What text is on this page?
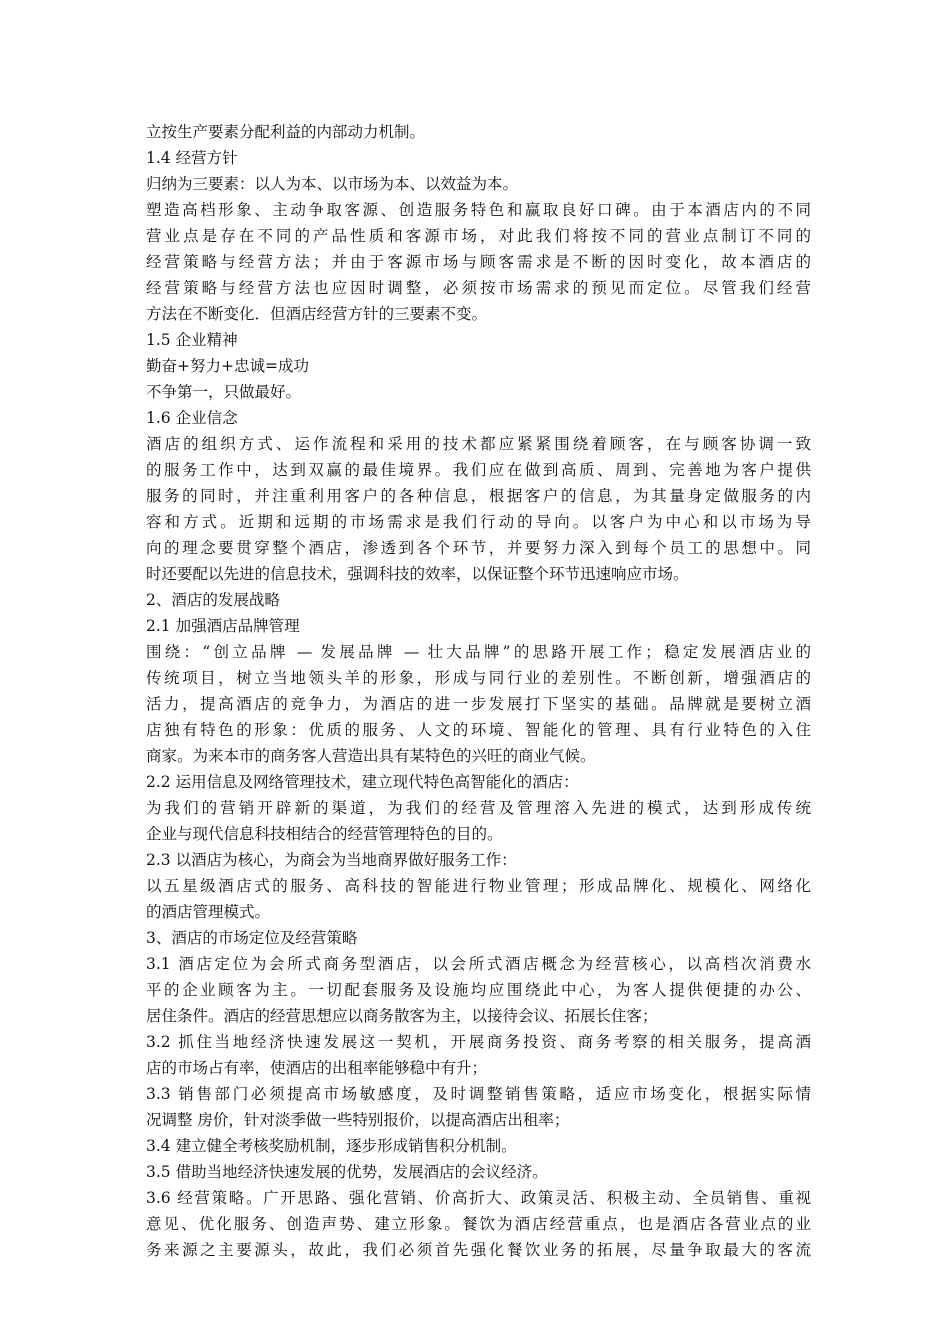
立按生产要素分配利益的内部动力机制。
1.4 经营方针
归纳为三要素：以人为本、以市场为本、以效益为本。
塑造高档形象、主动争取客源、创造服务特色和赢取良好口碑。由于本酒店内的不同
营业点是存在不同的产品性质和客源市场，对此我们将按不同的营业点制订不同的
经营策略与经营方法；并由于客源市场与顾客需求是不断的因时变化，故本酒店的
经营策略与经营方法也应因时调整，必须按市场需求的预见而定位。尽管我们经营
方法在不断变化．但酒店经营方针的三要素不变。
1.5 企业精神
勤奋+努力+忠诚=成功
不争第一，只做最好。
1.6 企业信念
酒店的组织方式、运作流程和采用的技术都应紧紧围绕着顾客，在与顾客协调一致
的服务工作中，达到双赢的最佳境界。我们应在做到高质、周到、完善地为客户提供
服务的同时，并注重利用客户的各种信息，根据客户的信息，为其量身定做服务的内
容和方式。近期和远期的市场需求是我们行动的导向。以客户为中心和以市场为导
向的理念要贯穿整个酒店，渗透到各个环节，并要努力深入到每个员工的思想中。同
时还要配以先进的信息技术，强调科技的效率，以保证整个环节迅速响应市场。
2、酒店的发展战略
2.1 加强酒店品牌管理
围绕：“创立品牌 — 发展品牌 — 壮大品牌”的思路开展工作；稳定发展酒店业的
传统项目，树立当地领头羊的形象，形成与同行业的差别性。不断创新，增强酒店的
活力，提高酒店的竞争力，为酒店的进一步发展打下坚实的基础。品牌就是要树立酒
店独有特色的形象：优质的服务、人文的环境、智能化的管理、具有行业特色的入住
商家。为来本市的商务客人营造出具有某特色的兴旺的商业气候。
2.2 运用信息及网络管理技术，建立现代特色高智能化的酒店：
为我们的营销开辟新的渠道，为我们的经营及管理溶入先进的模式，达到形成传统
企业与现代信息科技相结合的经营管理特色的目的。
2.3 以酒店为核心，为商会为当地商界做好服务工作：
以五星级酒店式的服务、高科技的智能进行物业管理；形成品牌化、规模化、网络化
的酒店管理模式。
3、酒店的市场定位及经营策略
3.1 酒店定位为会所式商务型酒店，以会所式酒店概念为经营核心，以高档次消费水
平的企业顾客为主。一切配套服务及设施均应围绕此中心，为客人提供便捷的办公、
居住条件。酒店的经营思想应以商务散客为主，以接待会议、拓展长住客；
3.2 抓住当地经济快速发展这一契机，开展商务投资、商务考察的相关服务，提高酒
店的市场占有率，使酒店的出租率能够稳中有升；
3.3 销售部门必须提高市场敏感度，及时调整销售策略，适应市场变化，根据实际情
况调整 房价，针对淡季做一些特别报价，以提高酒店出租率；
3.4 建立健全考核奖励机制，逐步形成销售积分机制。
3.5 借助当地经济快速发展的优势，发展酒店的会议经济。
3.6 经营策略。广开思路、强化营销、价高折大、政策灵活、积极主动、全员销售、重视
意见、优化服务、创造声势、建立形象。餐饮为酒店经营重点，也是酒店各营业点的业
务来源之主要源头，故此，我们必须首先强化餐饮业务的拓展，尽量争取最大的客流
